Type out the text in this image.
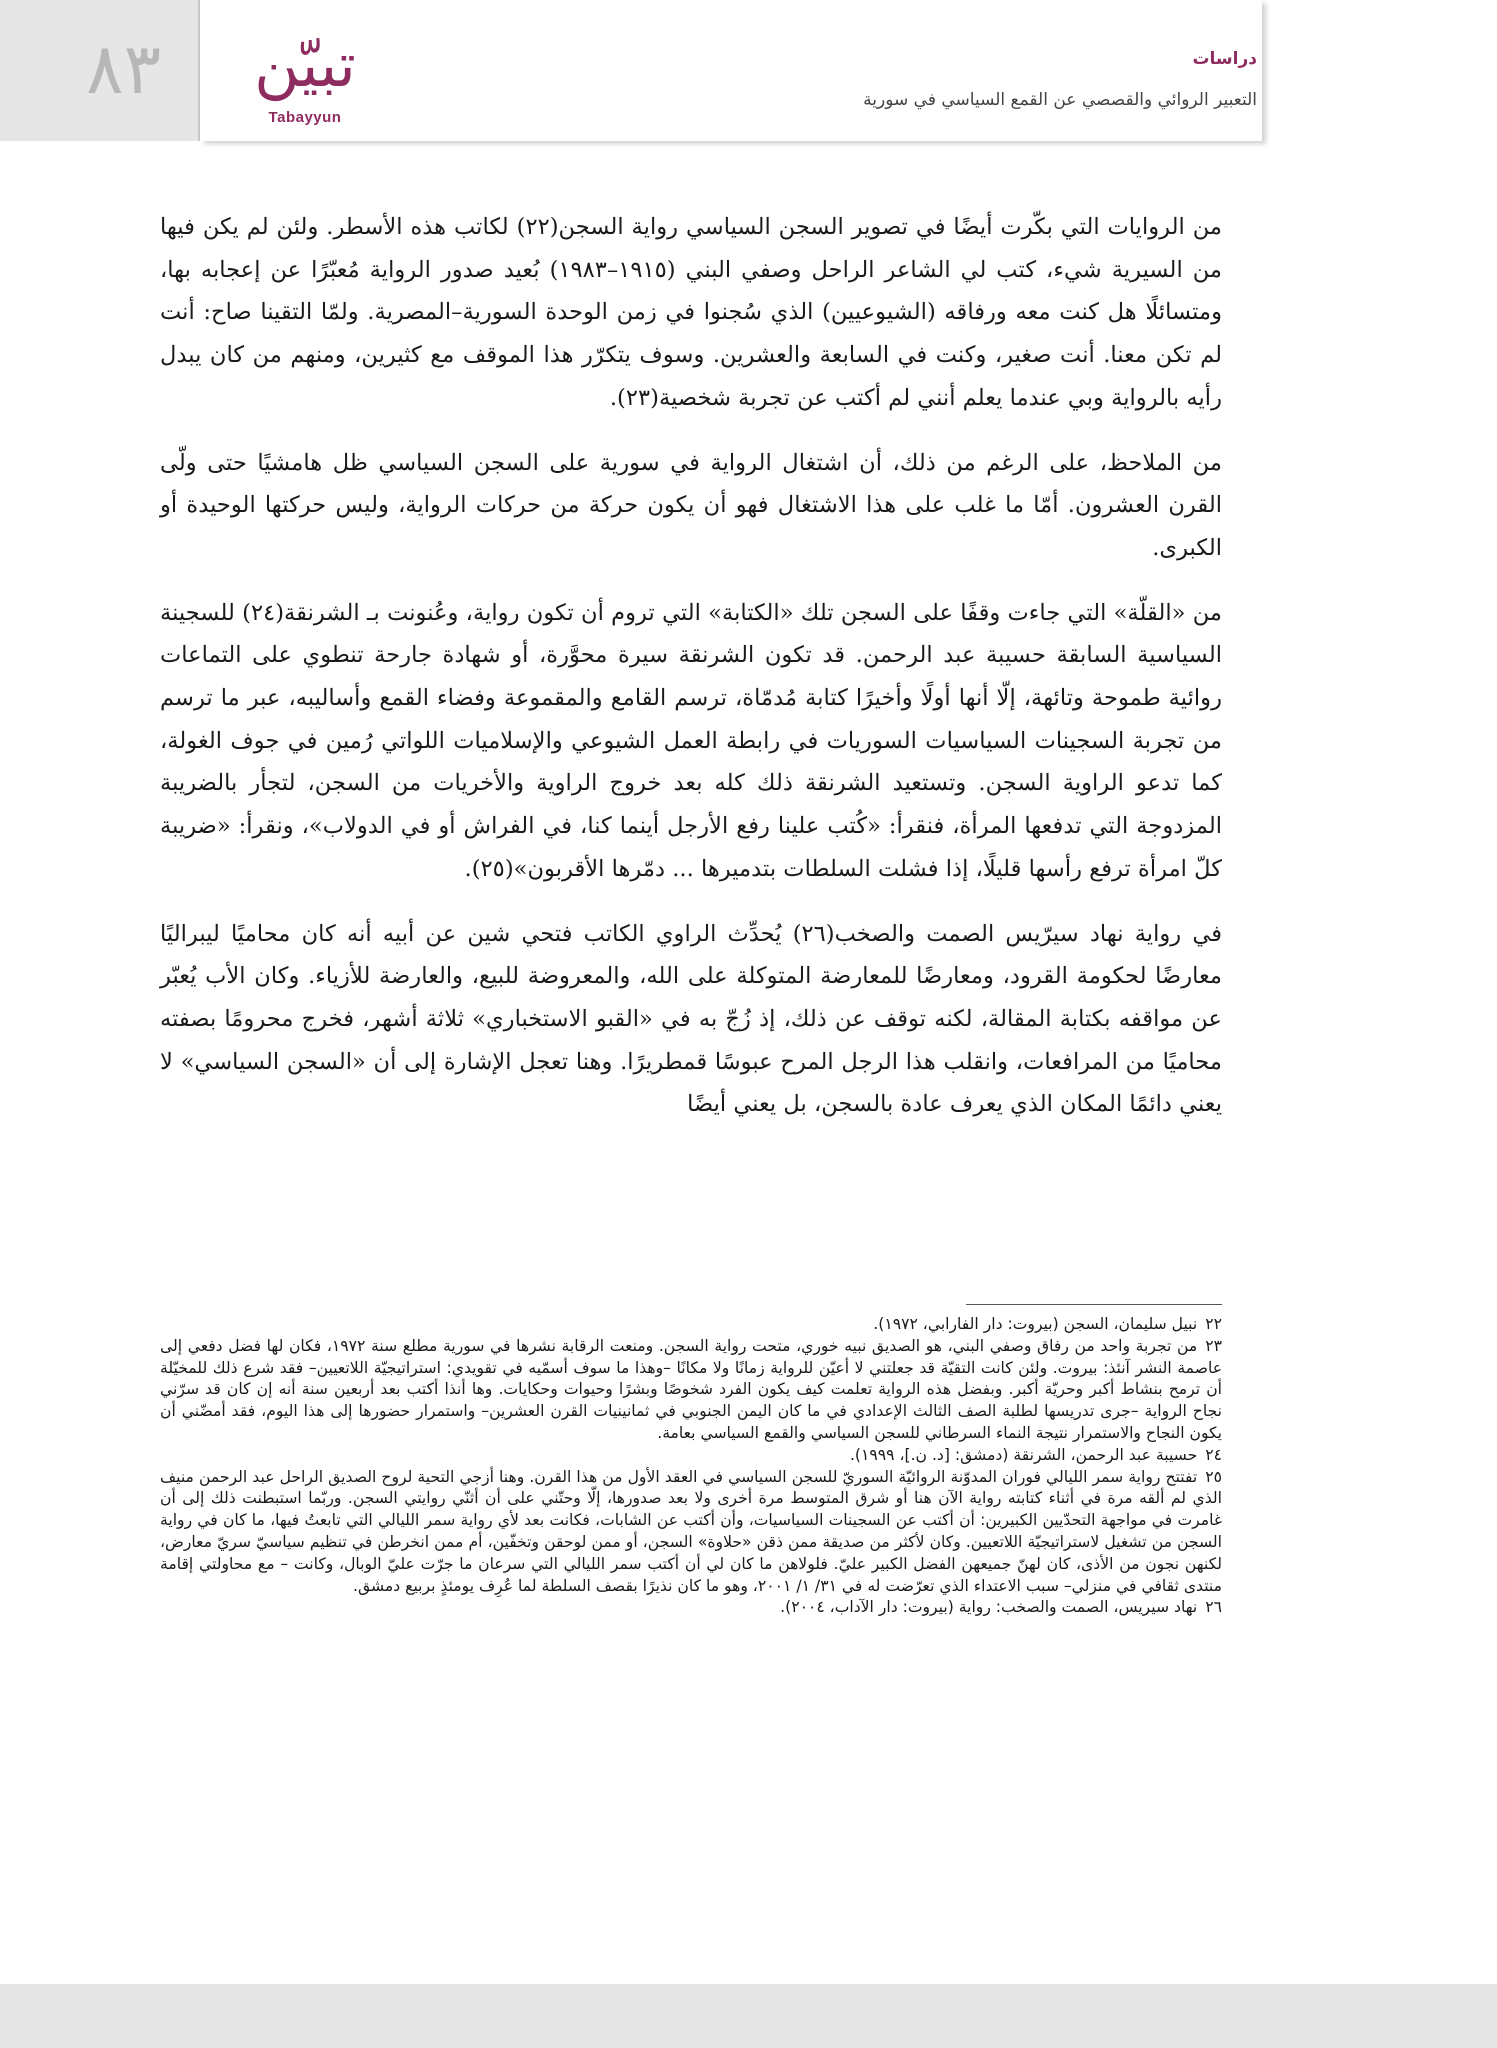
٨٣	تبيّن
Tabayyun
دراسات
التعبير الروائي والقصصي عن القمع السياسي في سورية

من الروايات التي بكّرت أيضًا في تصوير السجن السياسي رواية السجن(٢٢) لكاتب هذه الأسطر. ولئن لم يكن فيها من السيرية شيء، كتب لي الشاعر الراحل وصفي البني (١٩١٥–١٩٨٣) بُعيد صدور الرواية مُعبّرًا عن إعجابه بها، ومتسائلًا هل كنت معه ورفاقه (الشيوعيين) الذي سُجنوا في زمن الوحدة السورية–المصرية. ولمّا التقينا صاح: أنت لم تكن معنا. أنت صغير، وكنت في السابعة والعشرين. وسوف يتكرّر هذا الموقف مع كثيرين، ومنهم من كان يبدل رأيه بالرواية وبي عندما يعلم أنني لم أكتب عن تجربة شخصية(٢٣).

من الملاحظ، على الرغم من ذلك، أن اشتغال الرواية في سورية على السجن السياسي ظل هامشيًا حتى ولّى القرن العشرون. أمّا ما غلب على هذا الاشتغال فهو أن يكون حركة من حركات الرواية، وليس حركتها الوحيدة أو الكبرى.

من «القلّة» التي جاءت وقفًا على السجن تلك «الكتابة» التي تروم أن تكون رواية، وعُنونت بـ الشرنقة(٢٤) للسجينة السياسية السابقة حسيبة عبد الرحمن. قد تكون الشرنقة سيرة محوَّرة، أو شهادة جارحة تنطوي على التماعات روائية طموحة وتائهة، إلّا أنها أولًا وأخيرًا كتابة مُدمّاة، ترسم القامع والمقموعة وفضاء القمع وأساليبه، عبر ما ترسم من تجربة السجينات السياسيات السوريات في رابطة العمل الشيوعي والإسلاميات اللواتي رُمين في جوف الغولة، كما تدعو الراوية السجن. وتستعيد الشرنقة ذلك كله بعد خروج الراوية والأخريات من السجن، لتجأر بالضريبة المزدوجة التي تدفعها المرأة، فنقرأ: «كُتب علينا رفع الأرجل أينما كنا، في الفراش أو في الدولاب»، ونقرأ: «ضريبة كلّ امرأة ترفع رأسها قليلًا، إذا فشلت السلطات بتدميرها ... دمّرها الأقربون»(٢٥).

في رواية نهاد سيرّيس الصمت والصخب(٢٦) يُحدِّث الراوي الكاتب فتحي شين عن أبيه أنه كان محاميًا ليبراليًا معارضًا لحكومة القرود، ومعارضًا للمعارضة المتوكلة على الله، والمعروضة للبيع، والعارضة للأزياء. وكان الأب يُعبّر عن مواقفه بكتابة المقالة، لكنه توقف عن ذلك، إذ زُجّ به في «القبو الاستخباري» ثلاثة أشهر، فخرج محرومًا بصفته محاميًا من المرافعات، وانقلب هذا الرجل المرح عبوسًا قمطريرًا. وهنا تعجل الإشارة إلى أن «السجن السياسي» لا يعني دائمًا المكان الذي يعرف عادة بالسجن، بل يعني أيضًا

٢٢نبيل سليمان، السجن (بيروت: دار الفارابي، ١٩٧٢).

٢٣من تجربة واحد من رفاق وصفي البني، هو الصديق نبيه خوري، متحت رواية السجن. ومنعت الرقابة نشرها في سورية مطلع سنة ١٩٧٢، فكان لها فضل دفعي إلى عاصمة النشر آنئذ: بيروت. ولئن كانت التقيّة قد جعلتني لا أعيّن للرواية زمانًا ولا مكانًا –وهذا ما سوف أسمّيه في تقويدي: استراتيجيّة اللاتعيين– فقد شرع ذلك للمخيّلة أن ترمح بنشاط أكبر وحريّة أكبر. وبفضل هذه الرواية تعلمت كيف يكون الفرد شخوصًا وبشرًا وحيوات وحكايات. وها أنذا أكتب بعد أربعين سنة أنه إن كان قد سرّني نجاح الرواية –جرى تدريسها لطلبة الصف الثالث الإعدادي في ما كان اليمن الجنوبي في ثمانينيات القرن العشرين– واستمرار حضورها إلى هذا اليوم، فقد أمضّني أن يكون النجاح والاستمرار نتيجة النماء السرطاني للسجن السياسي والقمع السياسي بعامة.

٢٤حسيبة عبد الرحمن، الشرنقة (دمشق: [د. ن.]، ١٩٩٩).

٢٥تفتتح رواية سمر الليالي فوران المدوّنة الروائيّة السوريّ للسجن السياسي في العقد الأول من هذا القرن. وهنا أزجي التحية لروح الصديق الراحل عبد الرحمن منيف الذي لم ألقه مرة في أثناء كتابته رواية الآن هنا أو شرق المتوسط مرة أخرى ولا بعد صدورها، إلّا وحتّني على أن أثنّي روايتي السجن. وربّما استبطنت ذلك إلى أن غامرت في مواجهة التحدّيين الكبيرين: أن أكتب عن السجينات السياسيات، وأن أكتب عن الشابات، فكانت بعد لأي رواية سمر الليالي التي تابعتُ فيها، ما كان في رواية السجن من تشغيل لاستراتيجيّة اللاتعيين. وكان لأكثر من صديقة ممن ذقن «حلاوة» السجن، أو ممن لوحقن وتخفّين، أم ممن انخرطن في تنظيم سياسيّ سريّ معارض، لكنهن نجون من الأذى، كان لهنّ جميعهن الفضل الكبير عليّ. فلولاهن ما كان لي أن أكتب سمر الليالي التي سرعان ما جرّت عليّ الوبال، وكانت – مع محاولتي إقامة منتدى ثقافي في منزلي– سبب الاعتداء الذي تعرّضت له في ٣١/ ١/ ٢٠٠١، وهو ما كان نذيرًا بقصف السلطة لما عُرِف يومئذٍ بربيع دمشق.

٢٦نهاد سيريس، الصمت والصخب: رواية (بيروت: دار الآداب، ٢٠٠٤).
